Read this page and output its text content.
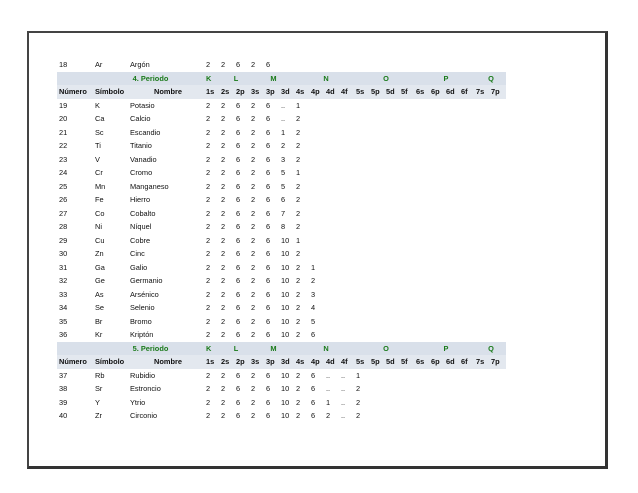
18	Ar	Argón	2	2	6	2	6															
	4. Periodo		K	L		M			N				O				P				Q	
Número	Símbolo	Nombre	1s	2s	2p	3s	3p	3d	4s	4p	4d	4f	5s	5p	5d	5f	6s	6p	6d	6f	7s	7p
19	K	Potasio	2	2	6	2	6	..	1													
20	Ca	Calcio	2	2	6	2	6	..	2													
21	Sc	Escandio	2	2	6	2	6	1	2													
22	Ti	Titanio	2	2	6	2	6	2	2													
23	V	Vanadio	2	2	6	2	6	3	2													
24	Cr	Cromo	2	2	6	2	6	5	1													
25	Mn	Manganeso	2	2	6	2	6	5	2													
26	Fe	Hierro	2	2	6	2	6	6	2													
27	Co	Cobalto	2	2	6	2	6	7	2													
28	Ni	Níquel	2	2	6	2	6	8	2													
29	Cu	Cobre	2	2	6	2	6	10	1													
30	Zn	Cinc	2	2	6	2	6	10	2													
31	Ga	Galio	2	2	6	2	6	10	2	1												
32	Ge	Germanio	2	2	6	2	6	10	2	2												
33	As	Arsénico	2	2	6	2	6	10	2	3												
34	Se	Selenio	2	2	6	2	6	10	2	4												
35	Br	Bromo	2	2	6	2	6	10	2	5												
36	Kr	Kriptón	2	2	6	2	6	10	2	6												
	5. Periodo		K	L		M			N				O				P				Q	
Número	Símbolo	Nombre	1s	2s	2p	3s	3p	3d	4s	4p	4d	4f	5s	5p	5d	5f	6s	6p	6d	6f	7s	7p
37	Rb	Rubidio	2	2	6	2	6	10	2	6	..	..	1									
38	Sr	Estroncio	2	2	6	2	6	10	2	6	..	..	2									
39	Y	Ytrio	2	2	6	2	6	10	2	6	1	..	2									
40	Zr	Circonio	2	2	6	2	6	10	2	6	2	..	2									
